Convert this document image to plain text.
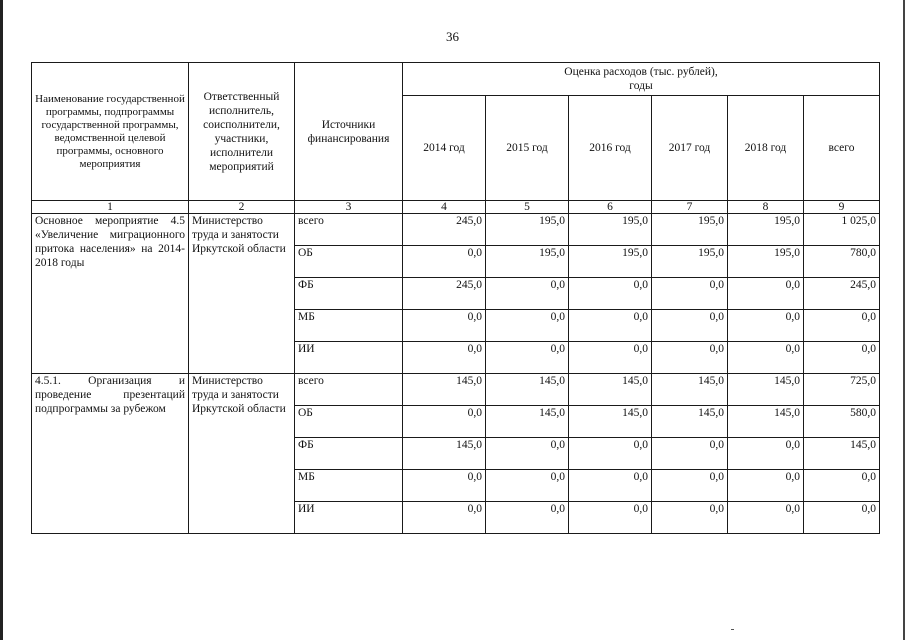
36
Наименование государственной программы, подпрограммы государственной программы, ведомственной целевой программы, основного мероприятия	Ответственный исполнитель, соисполнители, участники, исполнители мероприятий	Источники финансирования	Оценка расходов (тыс. рублей), годы					
			2014 год	2015 год	2016 год	2017 год	2018 год	всего
1	2	3	4	5	6	7	8	9
Основное мероприятие 4.5 «Увеличение миграционного притока населения» на 2014-2018 годы	Министерство труда и занятости Иркутской области	всего	245,0	195,0	195,0	195,0	195,0	1 025,0
		ОБ	0,0	195,0	195,0	195,0	195,0	780,0
		ФБ	245,0	0,0	0,0	0,0	0,0	245,0
		МБ	0,0	0,0	0,0	0,0	0,0	0,0
		ИИ	0,0	0,0	0,0	0,0	0,0	0,0
4.5.1. Организация и проведение презентаций подпрограммы за рубежом	Министерство труда и занятости Иркутской области	всего	145,0	145,0	145,0	145,0	145,0	725,0
		ОБ	0,0	145,0	145,0	145,0	145,0	580,0
		ФБ	145,0	0,0	0,0	0,0	0,0	145,0
		МБ	0,0	0,0	0,0	0,0	0,0	0,0
		ИИ	0,0	0,0	0,0	0,0	0,0	0,0
